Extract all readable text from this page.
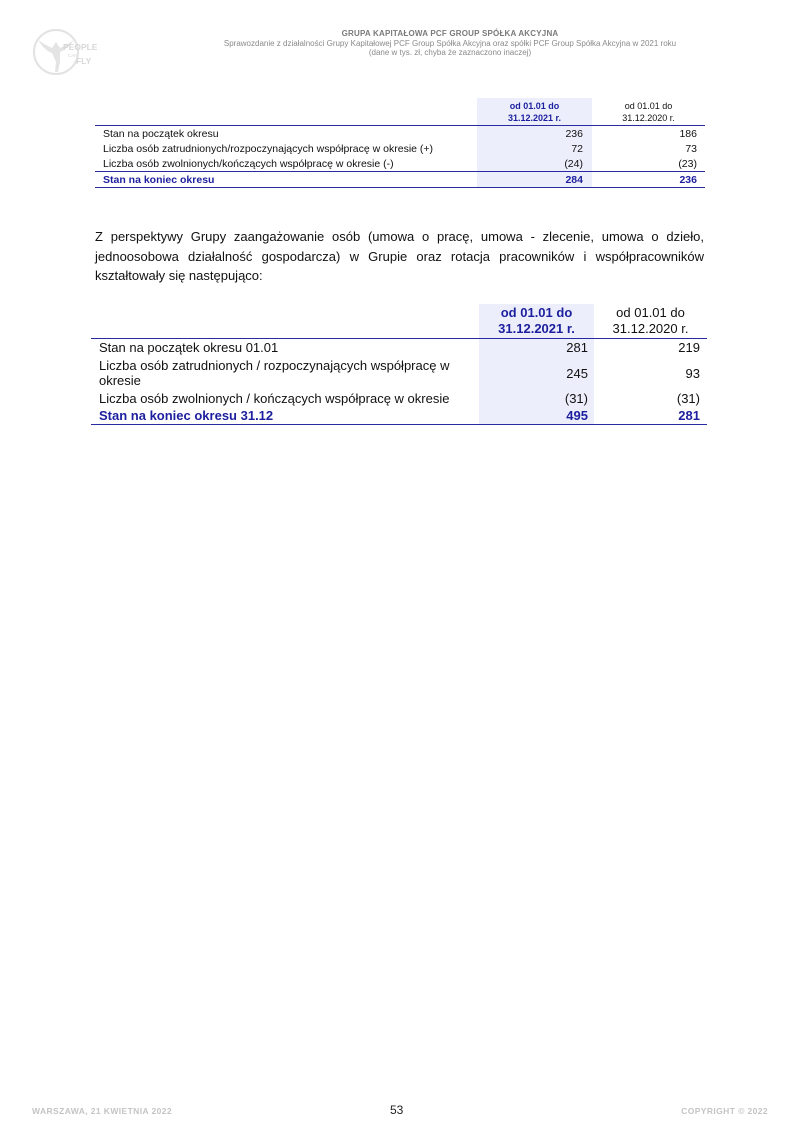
PEOPLE
CAN
FLY
GRUPA KAPITAŁOWA PCF GROUP SPÓŁKA AKCYJNA
Sprawozdanie z działalności Grupy Kapitałowej PCF Group Spółka Akcyjna oraz spółki PCF Group Spółka Akcyjna w 2021 roku
(dane w tys. zł, chyba że zaznaczono inaczej)
od 01.01 do
31.12.2021 r.
od 01.01 do
31.12.2020 r.
Stan na początek okresu	236	186
Liczba osób zatrudnionych/rozpoczynających współpracę w okresie (+)	72	73
Liczba osób zwolnionych/kończących współpracę w okresie (-)	(24)	(23)
Stan na koniec okresu	284	236
Z perspektywy Grupy zaangażowanie osób (umowa o pracę, umowa - zlecenie, umowa o dzieło, jednoosobowa działalność gospodarcza) w Grupie oraz rotacja pracowników i współpracowników kształtowały się następująco:
od 01.01 do
31.12.2021 r.
od 01.01 do
31.12.2020 r.
Stan na początek okresu 01.01	281	219
Liczba osób zatrudnionych / rozpoczynających współpracę w okresie	245	93
Liczba osób zwolnionych / kończących współpracę w okresie	(31)	(31)
Stan na koniec okresu 31.12	495	281
WARSZAWA, 21 KWIETNIA 2022	53	COPYRIGHT © 2022
